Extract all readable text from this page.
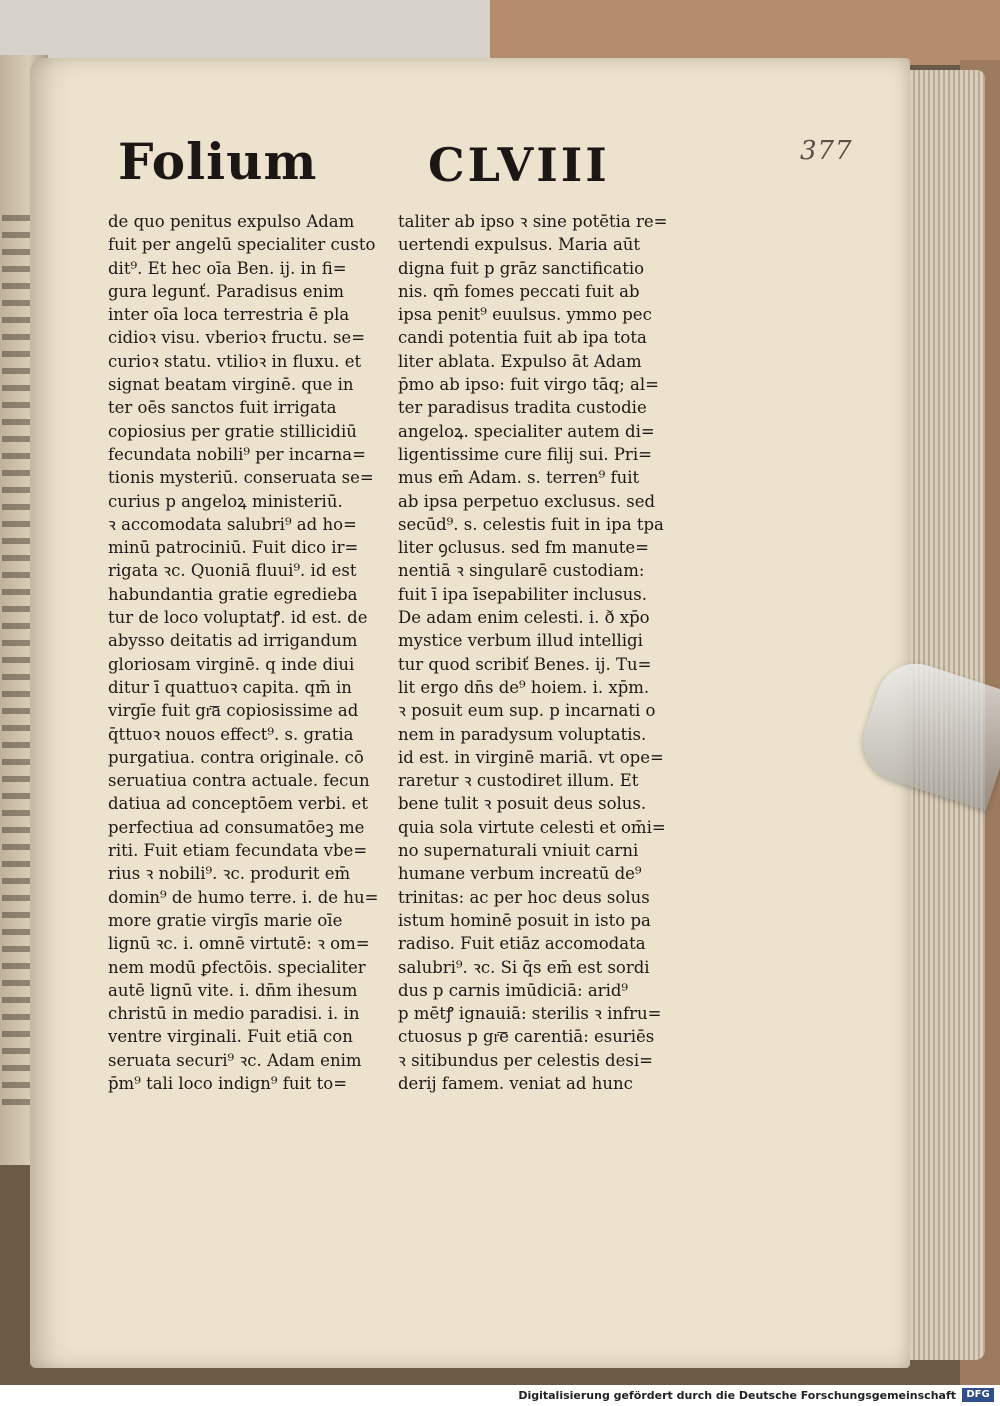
Folium CLVIII	377
de quo penitus expulso Adam
fuit per angelū specialiter custo
dit⁹. Et hec oīa Ben. ij. in fi=
gura legunť. Paradisus enim
inter oīa loca terrestria ē pla
cidioꝛ visu. vberioꝛ fructu. se=
curioꝛ statu. vtilioꝛ in fluxu. et
signat beatam virginē. que in
ter oēs sanctos fuit irrigata
copiosius per gratie stillicidiū
fecundata nobili⁹ per incarna=
tionis mysteriū. conseruata se=
curius p angeloꝝ ministeriū.
ꝛ accomodata salubri⁹ ad ho=
minū patrociniū. Fuit dico ir=
rigata ꝛc. Quoniā fluui⁹. id est
habundantia gratie egredieba
tur de loco voluptatꝭ. id est. de
abysso deitatis ad irrigandum
gloriosam virginē. q inde diui
ditur ī quattuoꝛ capita. qm̄ in
virgīe fuit gr͞a copiosissime ad
q̄ttuoꝛ nouos effect⁹. s. gratia
purgatiua. contra originale. cō
seruatiua contra actuale. fecun
datiua ad conceptōem verbi. et
perfectiua ad consumatōeꝫ me
riti. Fuit etiam fecundata vbe=
rius ꝛ nobili⁹. ꝛc. produrit em̄
domin⁹ de humo terre. i. de hu=
more gratie virgīs marie oīe
lignū ꝛc. i. omnē virtutē: ꝛ om=
nem modū ꝑfectōis. specialiter
autē lignū vite. i. dn̄m ihesum
christū in medio paradisi. i. in
ventre virginali. Fuit etiā con
seruata securi⁹ ꝛc. Adam enim
p̄m⁹ tali loco indign⁹ fuit to=
taliter ab ipso ꝛ sine potētia re=
uertendi expulsus. Maria aūt
digna fuit p grāz sanctificatio
nis. qm̄ fomes peccati fuit ab
ipsa penit⁹ euulsus. ymmo pec
candi potentia fuit ab ipa tota
liter ablata. Expulso āt Adam
p̄mo ab ipso: fuit virgo tāq; al=
ter paradisus tradita custodie
angeloꝝ. specialiter autem di=
ligentissime cure filij sui. Pri=
mus em̄ Adam. s. terren⁹ fuit
ab ipsa perpetuo exclusus. sed
secūd⁹. s. celestis fuit in ipa tpa
liter ꝯclusus. sed fm manute=
nentiā ꝛ singularē custodiam:
fuit ī ipa īsepabiliter inclusus.
De adam enim celesti. i. ð xp̄o
mystice verbum illud intelligi
tur quod scribiť Benes. ij. Tu=
lit ergo dn̄s de⁹ hoiem. i. xp̄m.
ꝛ posuit eum sup. p incarnati o
nem in paradysum voluptatis.
id est. in virginē mariā. vt ope=
raretur ꝛ custodiret illum. Et
bene tulit ꝛ posuit deus solus.
quia sola virtute celesti et om̄i=
no supernaturali vniuit carni
humane verbum increatū de⁹
trinitas: ac per hoc deus solus
istum hominē posuit in isto pa
radiso. Fuit etiāz accomodata
salubri⁹. ꝛc. Si q̄s em̄ est sordi
dus p carnis imūdiciā: arid⁹
p mētꝭ ignauiā: sterilis ꝛ infru=
ctuosus p gr͞e carentiā: esuriēs
ꝛ sitibundus per celestis desi=
derij famem. veniat ad hunc
Digitalisierung gefördert durch die Deutsche Forschungsgemeinschaft	DFG
